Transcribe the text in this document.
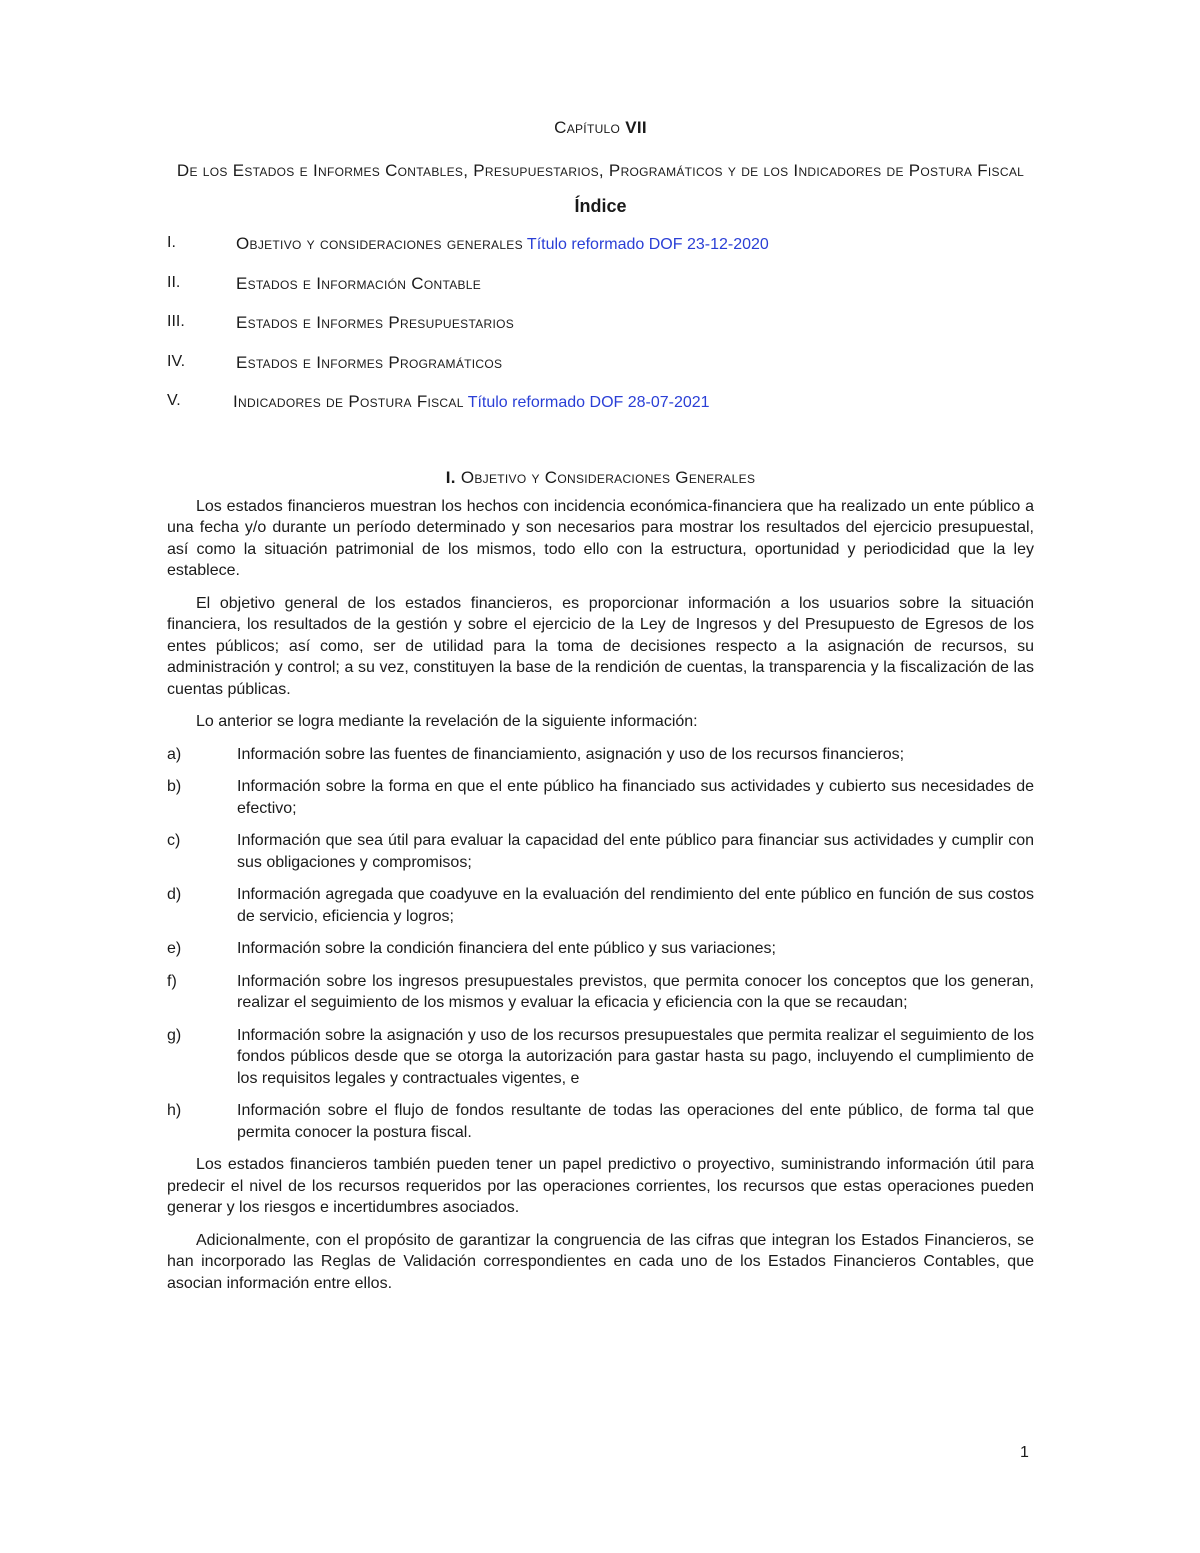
Capítulo VII
De los Estados e Informes Contables, Presupuestarios, Programáticos y de los Indicadores de Postura Fiscal
Índice
I.	Objetivo y consideraciones generales Título reformado DOF 23-12-2020
II.	Estados e Información Contable
III.	Estados e Informes Presupuestarios
IV.	Estados e Informes Programáticos
V.	Indicadores de Postura Fiscal Título reformado DOF 28-07-2021
I. Objetivo y Consideraciones Generales

Los estados financieros muestran los hechos con incidencia económica-financiera que ha realizado un ente público a una fecha y/o durante un período determinado y son necesarios para mostrar los resultados del ejercicio presupuestal, así como la situación patrimonial de los mismos, todo ello con la estructura, oportunidad y periodicidad que la ley establece.

El objetivo general de los estados financieros, es proporcionar información a los usuarios sobre la situación financiera, los resultados de la gestión y sobre el ejercicio de la Ley de Ingresos y del Presupuesto de Egresos de los entes públicos; así como, ser de utilidad para la toma de decisiones respecto a la asignación de recursos, su administración y control; a su vez, constituyen la base de la rendición de cuentas, la transparencia y la fiscalización de las cuentas públicas.

Lo anterior se logra mediante la revelación de la siguiente información:

a)	Información sobre las fuentes de financiamiento, asignación y uso de los recursos financieros;
b)	Información sobre la forma en que el ente público ha financiado sus actividades y cubierto sus necesidades de efectivo;
c)	Información que sea útil para evaluar la capacidad del ente público para financiar sus actividades y cumplir con sus obligaciones y compromisos;
d)	Información agregada que coadyuve en la evaluación del rendimiento del ente público en función de sus costos de servicio, eficiencia y logros;
e)	Información sobre la condición financiera del ente público y sus variaciones;
f)	Información sobre los ingresos presupuestales previstos, que permita conocer los conceptos que los generan, realizar el seguimiento de los mismos y evaluar la eficacia y eficiencia con la que se recaudan;
g)	Información sobre la asignación y uso de los recursos presupuestales que permita realizar el seguimiento de los fondos públicos desde que se otorga la autorización para gastar hasta su pago, incluyendo el cumplimiento de los requisitos legales y contractuales vigentes, e
h)	Información sobre el flujo de fondos resultante de todas las operaciones del ente público, de forma tal que permita conocer la postura fiscal.

Los estados financieros también pueden tener un papel predictivo o proyectivo, suministrando información útil para predecir el nivel de los recursos requeridos por las operaciones corrientes, los recursos que estas operaciones pueden generar y los riesgos e incertidumbres asociados.

Adicionalmente, con el propósito de garantizar la congruencia de las cifras que integran los Estados Financieros, se han incorporado las Reglas de Validación correspondientes en cada uno de los Estados Financieros Contables, que asocian información entre ellos.

1
